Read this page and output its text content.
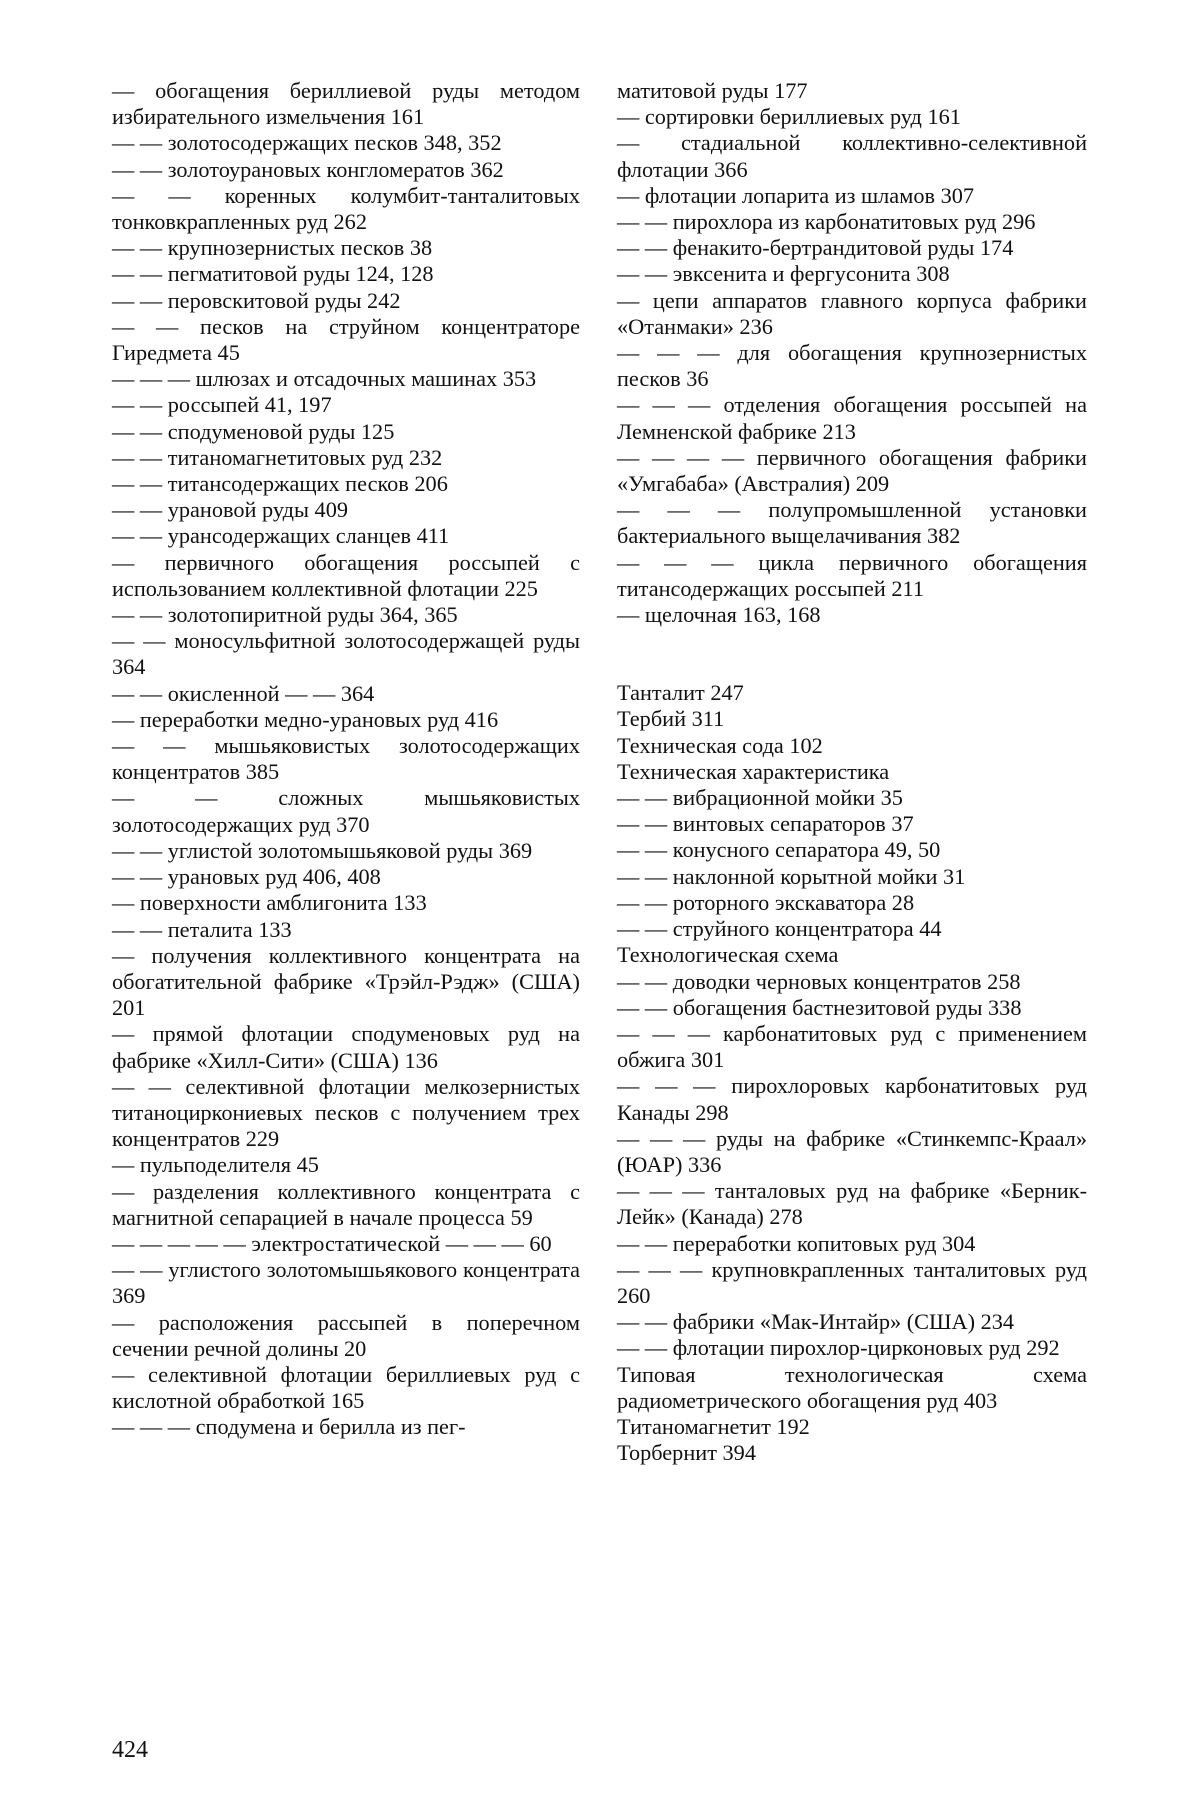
— обогащения бериллиевой руды методом избирательного измельчения 161

— — золотосодержащих песков 348, 352

— — золотоурановых конгломератов 362

— — коренных колумбит-танталитовых тонковкрапленных руд 262

— — крупнозернистых песков 38

— — пегматитовой руды 124, 128

— — перовскитовой руды 242

— — песков на струйном концентраторе Гиредмета 45

— — — шлюзах и отсадочных машинах 353

— — россыпей 41, 197

— — сподуменовой руды 125

— — титаномагнетитовых руд 232

— — титансодержащих песков 206

— — урановой руды 409

— — урансодержащих сланцев 411

— первичного обогащения россыпей с использованием коллективной флотации 225

— — золотопиритной руды 364, 365

— — моносульфитной золотосодержащей руды 364

— — окисленной — — 364

— переработки медно-урановых руд 416

— — мышьяковистых золотосодержащих концентратов 385

— — сложных мышьяковистых золотосодержащих руд 370

— — углистой золотомышьяковой руды 369

— — урановых руд 406, 408

— поверхности амблигонита 133

— — петалита 133

— получения коллективного концентрата на обогатительной фабрике «Трэйл-Рэдж» (США) 201

— прямой флотации сподуменовых руд на фабрике «Хилл-Сити» (США) 136

— — селективной флотации мелкозернистых титаноциркониевых песков с получением трех концентратов 229

— пульподелителя 45

— разделения коллективного концентрата с магнитной сепарацией в начале процесса 59

— — — — — электростатической — — — 60

— — углистого золотомышьякового концентрата 369

— расположения рассыпей в поперечном сечении речной долины 20

— селективной флотации бериллиевых руд с кислотной обработкой 165

— — — сподумена и берилла из пег-

матитовой руды 177

— сортировки бериллиевых руд 161

— стадиальной коллективно-селективной флотации 366

— флотации лопарита из шламов 307

— — пирохлора из карбонатитовых руд 296

— — фенакито-бертрандитовой руды 174

— — эвксенита и фергусонита 308

— цепи аппаратов главного корпуса фабрики «Отанмаки» 236

— — — для обогащения крупнозернистых песков 36

— — — отделения обогащения россыпей на Лемненской фабрике 213

— — — — первичного обогащения фабрики «Умгабаба» (Австралия) 209

— — — полупромышленной установки бактериального выщелачивания 382

— — — цикла первичного обогащения титансодержащих россыпей 211

— щелочная 163, 168

Танталит 247

Тербий 311

Техническая сода 102

Техническая характеристика

— — вибрационной мойки 35

— — винтовых сепараторов 37

— — конусного сепаратора 49, 50

— — наклонной корытной мойки 31

— — роторного экскаватора 28

— — струйного концентратора 44

Технологическая схема

— — доводки черновых концентратов 258

— — обогащения бастнезитовой руды 338

— — — карбонатитовых руд с применением обжига 301

— — — пирохлоровых карбонатитовых руд Канады 298

— — — руды на фабрике «Стинкемпс-Краал» (ЮАР) 336

— — — танталовых руд на фабрике «Берник-Лейк» (Канада) 278

— — переработки копитовых руд 304

— — — крупновкрапленных танталитовых руд 260

— — фабрики «Мак-Интайр» (США) 234

— — флотации пирохлор-цирконовых руд 292

Типовая технологическая схема радиометрического обогащения руд 403

Титаномагнетит 192

Торбернит 394

424
